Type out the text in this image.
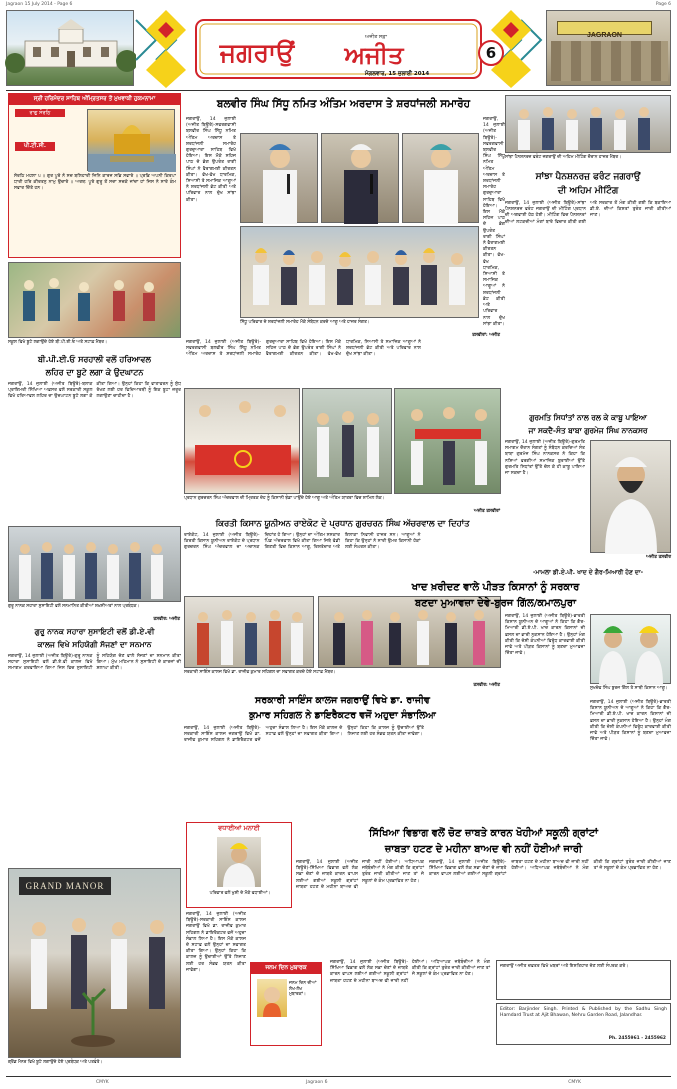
Jagraon 15 July 2014 - Page 6	Page 6
ਜਗਰਾਉਂ
ਅਜੀਤ ਸਫ਼ਾ
ਅਜੀਤ
ਮੰਗਲਵਾਰ, 15 ਜੁਲਾਈ 2014
6
JAGRAON
ਸ੍ਰੀ ਹਰਿਮੰਦਰ ਸਾਹਿਬ ਅੰਮ੍ਰਿਤਸਰ ਤੋਂ ਮੁਖਵਾਕੀ ਹੁਕਮਨਾਮਾ
ਰਾਗੁ ਸੋਰਠਿ
ਪੀ.ਟੀ.ਸੀ.
ਸੋਰਠਿ ਮਹਲਾ ੫ ॥ ਗੁਰ ਪੂਰੇ ਨੋ ਸਦ ਬਲਿਹਾਰੀ ਜਿਨਿ ਕਾਰਜ ਸਭਿ ਸਵਾਰੇ ॥ ਪ੍ਰਭਿ ਅਪਨੀ ਕਿਰਪਾ ਧਾਰੀ ਹਰਿ ਕੀਰਤਨੁ ਨਾਮੁ ਉਚਾਰੇ ॥ ਅਰਥ: ਪੂਰੇ ਗੁਰੂ ਤੋਂ ਸਦਾ ਸਦਕੇ ਜਾਂਦਾ ਹਾਂ ਜਿਸ ਨੇ ਸਾਰੇ ਕੰਮ ਸਵਾਰ ਦਿੱਤੇ ਹਨ।
ਸਕੂਲ ਵਿਖੇ ਬੂਟੇ ਲਗਾਉਂਦੇ ਹੋਏ ਬੀ.ਪੀ.ਈ.ਓ ਅਤੇ ਸਟਾਫ਼ ਮੈਂਬਰ।
ਬੀ.ਪੀ.ਈ.ਓ ਸਰਹਾਲੀ ਵਲੋਂ ਹਰਿਆਵਲ
ਲਹਿਰ ਦਾ ਬੂਟੇ ਲਗਾ ਕੇ ਉਦਘਾਟਨ
ਜਗਰਾਉਂ, 14 ਜੁਲਾਈ (ਅਜੀਤ ਬਿਊਰੋ)-ਬਲਾਕ ਪ੍ਰਾਇਮਰੀ ਸਿੱਖਿਆ ਅਫ਼ਸਰ ਵਲੋਂ ਸਰਕਾਰੀ ਸਕੂਲ ਵਿਖੇ ਹਰਿਆਵਲ ਲਹਿਰ ਦਾ ਉਦਘਾਟਨ ਬੂਟੇ ਲਗਾ ਕੇ ਕੀਤਾ ਗਿਆ। ਉਨ੍ਹਾਂ ਕਿਹਾ ਕਿ ਵਾਤਾਵਰਨ ਨੂੰ ਸ਼ੁੱਧ ਰੱਖਣ ਲਈ ਹਰ ਵਿਦਿਆਰਥੀ ਨੂੰ ਇਕ ਬੂਟਾ ਜ਼ਰੂਰ ਲਗਾਉਣਾ ਚਾਹੀਦਾ ਹੈ।
ਬਲਵੀਰ ਸਿੰਘ ਸਿੱਧੂ ਨਮਿਤ ਅੰਤਿਮ ਅਰਦਾਸ ਤੇ ਸ਼ਰਧਾਂਜਲੀ ਸਮਾਰੋਹ
ਜਗਰਾਉਂ, 14 ਜੁਲਾਈ (ਅਜੀਤ ਬਿਊਰੋ)-ਸਵਰਗਵਾਸੀ ਬਲਵੀਰ ਸਿੰਘ ਸਿੱਧੂ ਨਮਿਤ ਅੰਤਿਮ ਅਰਦਾਸ ਤੇ ਸ਼ਰਧਾਂਜਲੀ ਸਮਾਰੋਹ ਗੁਰਦੁਆਰਾ ਸਾਹਿਬ ਵਿਖੇ ਹੋਇਆ। ਇਸ ਮੌਕੇ ਸਹਿਜ ਪਾਠ ਦੇ ਭੋਗ ਉਪਰੰਤ ਰਾਗੀ ਸਿੰਘਾਂ ਨੇ ਵੈਰਾਗਮਈ ਕੀਰਤਨ ਕੀਤਾ। ਵੱਖ-ਵੱਖ ਧਾਰਮਿਕ, ਸਿਆਸੀ ਤੇ ਸਮਾਜਿਕ ਆਗੂਆਂ ਨੇ ਸ਼ਰਧਾਂਜਲੀ ਭੇਟ ਕੀਤੀ ਅਤੇ ਪਰਿਵਾਰ ਨਾਲ ਦੁੱਖ ਸਾਂਝਾ ਕੀਤਾ।
ਜਗਰਾਉਂ, 14 ਜੁਲਾਈ (ਅਜੀਤ ਬਿਊਰੋ)-ਸਵਰਗਵਾਸੀ ਬਲਵੀਰ ਸਿੰਘ ਸਿੱਧੂ ਨਮਿਤ ਅੰਤਿਮ ਅਰਦਾਸ ਤੇ ਸ਼ਰਧਾਂਜਲੀ ਸਮਾਰੋਹ ਗੁਰਦੁਆਰਾ ਸਾਹਿਬ ਵਿਖੇ ਹੋਇਆ। ਇਸ ਮੌਕੇ ਸਹਿਜ ਪਾਠ ਦੇ ਭੋਗ ਉਪਰੰਤ ਰਾਗੀ ਸਿੰਘਾਂ ਨੇ ਵੈਰਾਗਮਈ ਕੀਰਤਨ ਕੀਤਾ। ਵੱਖ-ਵੱਖ ਧਾਰਮਿਕ, ਸਿਆਸੀ ਤੇ ਸਮਾਜਿਕ ਆਗੂਆਂ ਨੇ ਸ਼ਰਧਾਂਜਲੀ ਭੇਟ ਕੀਤੀ ਅਤੇ ਪਰਿਵਾਰ ਨਾਲ ਦੁੱਖ ਸਾਂਝਾ ਕੀਤਾ।
ਸਿੱਧੂ ਪਰਿਵਾਰ ਦੇ ਸ਼ਰਧਾਂਜਲੀ ਸਮਾਰੋਹ ਮੌਕੇ ਸੰਬੋਧਨ ਕਰਦੇ ਆਗੂ ਅਤੇ ਹਾਜ਼ਰ ਸੰਗਤ।
ਤਸਵੀਰਾਂ: ਅਜੀਤ
ਜਗਰਾਉਂ, 14 ਜੁਲਾਈ (ਅਜੀਤ ਬਿਊਰੋ)-ਸਵਰਗਵਾਸੀ ਬਲਵੀਰ ਸਿੰਘ ਸਿੱਧੂ ਨਮਿਤ ਅੰਤਿਮ ਅਰਦਾਸ ਤੇ ਸ਼ਰਧਾਂਜਲੀ ਸਮਾਰੋਹ ਗੁਰਦੁਆਰਾ ਸਾਹਿਬ ਵਿਖੇ ਹੋਇਆ। ਇਸ ਮੌਕੇ ਸਹਿਜ ਪਾਠ ਦੇ ਭੋਗ ਉਪਰੰਤ ਰਾਗੀ ਸਿੰਘਾਂ ਨੇ ਵੈਰਾਗਮਈ ਕੀਰਤਨ ਕੀਤਾ। ਵੱਖ-ਵੱਖ ਧਾਰਮਿਕ, ਸਿਆਸੀ ਤੇ ਸਮਾਜਿਕ ਆਗੂਆਂ ਨੇ ਸ਼ਰਧਾਂਜਲੀ ਭੇਟ ਕੀਤੀ ਅਤੇ ਪਰਿਵਾਰ ਨਾਲ ਦੁੱਖ ਸਾਂਝਾ ਕੀਤਾ।
ਸਾਂਝਾ ਪੈਨਸ਼ਨਰਜ਼ ਫਰੰਟ ਜਗਰਾਉਂ ਦੀ ਅਹਿਮ ਮੀਟਿੰਗ ਦੌਰਾਨ ਹਾਜ਼ਰ ਮੈਂਬਰ।
ਸਾਂਝਾ ਪੈਨਸ਼ਨਰਜ਼ ਫਰੰਟ ਜਗਰਾਉਂ
ਦੀ ਅਹਿਮ ਮੀਟਿੰਗ
ਜਗਰਾਉਂ, 14 ਜੁਲਾਈ (ਅਜੀਤ ਬਿਊਰੋ)-ਸਾਂਝਾ ਪੈਨਸ਼ਨਰਜ਼ ਫਰੰਟ ਜਗਰਾਉਂ ਦੀ ਮੀਟਿੰਗ ਪ੍ਰਧਾਨ ਦੀ ਅਗਵਾਈ ਹੇਠ ਹੋਈ। ਮੀਟਿੰਗ ਵਿਚ ਪੈਨਸ਼ਨਰਾਂ ਦੀਆਂ ਲਟਕਦੀਆਂ ਮੰਗਾਂ ਬਾਰੇ ਵਿਚਾਰ ਕੀਤੀ ਗਈ ਅਤੇ ਸਰਕਾਰ ਤੋਂ ਮੰਗ ਕੀਤੀ ਗਈ ਕਿ ਬਕਾਇਆ ਡੀ.ਏ. ਦੀਆਂ ਕਿਸ਼ਤਾਂ ਤੁਰੰਤ ਜਾਰੀ ਕੀਤੀਆਂ ਜਾਣ।
ਪ੍ਰਧਾਨ ਗੁਰਚਰਨ ਸਿੰਘ ਅੱਚਰਵਾਲ ਦੀ ਮ੍ਰਿਤਕ ਦੇਹ ਨੂੰ ਕਿਸਾਨੀ ਝੰਡਾ ਪਾਉਂਦੇ ਹੋਏ ਆਗੂ ਅਤੇ ਅੰਤਿਮ ਯਾਤਰਾ ਵਿਚ ਸ਼ਾਮਿਲ ਲੋਕ।
ਅਜੀਤ ਤਸਵੀਰਾਂ
ਗੁਰਮਤਿ ਸਿਧਾਂਤਾਂ ਨਾਲ ਰਲ ਕੇ ਕਾਬੂ ਪਾਇਆ
ਜਾ ਸਕਦੈ-ਸੰਤ ਬਾਬਾ ਗੁਰਮੇਜ ਸਿੰਘ ਨਾਨਕਸਰ
ਜਗਰਾਉਂ, 14 ਜੁਲਾਈ (ਅਜੀਤ ਬਿਊਰੋ)-ਗੁਰਮਤਿ ਸਮਾਗਮ ਦੌਰਾਨ ਸੰਗਤਾਂ ਨੂੰ ਸੰਬੋਧਨ ਕਰਦਿਆਂ ਸੰਤ ਬਾਬਾ ਗੁਰਮੇਜ ਸਿੰਘ ਨਾਨਕਸਰ ਨੇ ਕਿਹਾ ਕਿ ਨਸ਼ਿਆਂ ਵਰਗੀਆਂ ਸਮਾਜਿਕ ਬੁਰਾਈਆਂ ਉੱਤੇ ਗੁਰਮਤਿ ਸਿਧਾਂਤਾਂ ਉੱਤੇ ਚੱਲ ਕੇ ਹੀ ਕਾਬੂ ਪਾਇਆ ਜਾ ਸਕਦਾ ਹੈ।
ਅਜੀਤ ਤਸਵੀਰ
ਗੁਰੂ ਨਾਨਕ ਸਹਾਰਾ ਸੁਸਾਇਟੀ ਵਲੋਂ ਸਨਮਾਨਿਤ ਕੀਤੀਆਂ ਸ਼ਖ਼ਸੀਅਤਾਂ ਨਾਲ ਪ੍ਰਬੰਧਕ।
ਤਸਵੀਰ: ਅਜੀਤ
ਗੁਰੂ ਨਾਨਕ ਸਹਾਰਾ ਸੁਸਾਇਟੀ ਵਲੋਂ ਡੀ.ਏ.ਵੀ
ਕਾਲਜ ਵਿਖੇ ਸਹਿਯੋਗੀ ਸੱਜਣਾਂ ਦਾ ਸਨਮਾਨ
ਜਗਰਾਉਂ, 14 ਜੁਲਾਈ (ਅਜੀਤ ਬਿਊਰੋ)-ਗੁਰੂ ਨਾਨਕ ਸਹਾਰਾ ਸੁਸਾਇਟੀ ਵਲੋਂ ਡੀ.ਏ.ਵੀ ਕਾਲਜ ਵਿਖੇ ਸਮਾਗਮ ਕਰਵਾਇਆ ਗਿਆ ਜਿਸ ਵਿਚ ਸੁਸਾਇਟੀ ਨੂੰ ਸਹਿਯੋਗ ਦੇਣ ਵਾਲੇ ਸੱਜਣਾਂ ਦਾ ਸਨਮਾਨ ਕੀਤਾ ਗਿਆ। ਮੁੱਖ ਮਹਿਮਾਨ ਨੇ ਸੁਸਾਇਟੀ ਦੇ ਕਾਰਜਾਂ ਦੀ ਸ਼ਲਾਘਾ ਕੀਤੀ।
ਕਿਰਤੀ ਕਿਸਾਨ ਯੂਨੀਅਨ ਰਾਏਕੋਟ ਦੇ ਪ੍ਰਧਾਨ ਗੁਰਚਰਨ ਸਿੰਘ ਅੱਚਰਵਾਲ ਦਾ ਦਿਹਾਂਤ
ਰਾਏਕੋਟ, 14 ਜੁਲਾਈ (ਅਜੀਤ ਬਿਊਰੋ)-ਕਿਰਤੀ ਕਿਸਾਨ ਯੂਨੀਅਨ ਰਾਏਕੋਟ ਦੇ ਪ੍ਰਧਾਨ ਗੁਰਚਰਨ ਸਿੰਘ ਅੱਚਰਵਾਲ ਦਾ ਅਚਾਨਕ ਦਿਹਾਂਤ ਹੋ ਗਿਆ। ਉਨ੍ਹਾਂ ਦਾ ਅੰਤਿਮ ਸਸਕਾਰ ਪਿੰਡ ਅੱਚਰਵਾਲ ਵਿਖੇ ਕੀਤਾ ਗਿਆ ਜਿਥੇ ਵੱਡੀ ਗਿਣਤੀ ਵਿਚ ਕਿਸਾਨ ਆਗੂ, ਰਿਸ਼ਤੇਦਾਰ ਅਤੇ ਇਲਾਕਾ ਨਿਵਾਸੀ ਹਾਜ਼ਰ ਸਨ। ਆਗੂਆਂ ਨੇ ਕਿਹਾ ਕਿ ਉਨ੍ਹਾਂ ਨੇ ਸਾਰੀ ਉਮਰ ਕਿਸਾਨੀ ਹੱਕਾਂ ਲਈ ਸੰਘਰਸ਼ ਕੀਤਾ।
ਸਰਕਾਰੀ ਸਾਇੰਸ ਕਾਲਜ ਵਿਖੇ ਡਾ. ਰਾਜੀਵ ਕੁਮਾਰ ਸਹਿਗਲ ਦਾ ਸਵਾਗਤ ਕਰਦੇ ਹੋਏ ਸਟਾਫ਼ ਮੈਂਬਰ।
ਤਸਵੀਰ: ਅਜੀਤ
-ਮਾਮਲਾ ਡੀ.ਏ.ਪੀ. ਖਾਦ ਦੇ ਗੈਰ-ਮਿਆਰੀ ਹੋਣ ਦਾ-
ਖਾਦ ਖ਼ਰੀਦਣ ਵਾਲੇ ਪੀੜਤ ਕਿਸਾਨਾਂ ਨੂੰ ਸਰਕਾਰ
ਬਣਦਾ ਮੁਆਵਜ਼ਾ ਦੇਵੇ-ਬੁਰਜ ਗਿੱਲ/ਕਮਾਲਪੁਰਾ
ਜਗਰਾਉਂ, 14 ਜੁਲਾਈ (ਅਜੀਤ ਬਿਊਰੋ)-ਭਾਰਤੀ ਕਿਸਾਨ ਯੂਨੀਅਨ ਦੇ ਆਗੂਆਂ ਨੇ ਕਿਹਾ ਕਿ ਗੈਰ-ਮਿਆਰੀ ਡੀ.ਏ.ਪੀ. ਖਾਦ ਕਾਰਨ ਕਿਸਾਨਾਂ ਦੀ ਫ਼ਸਲ ਦਾ ਭਾਰੀ ਨੁਕਸਾਨ ਹੋਇਆ ਹੈ। ਉਨ੍ਹਾਂ ਮੰਗ ਕੀਤੀ ਕਿ ਦੋਸ਼ੀ ਕੰਪਨੀਆਂ ਵਿਰੁੱਧ ਕਾਰਵਾਈ ਕੀਤੀ ਜਾਵੇ ਅਤੇ ਪੀੜਤ ਕਿਸਾਨਾਂ ਨੂੰ ਬਣਦਾ ਮੁਆਵਜ਼ਾ ਦਿੱਤਾ ਜਾਵੇ।
ਸੁਖਦੇਵ ਸਿੰਘ ਬੁਰਜ ਗਿੱਲ ਤੇ ਸਾਥੀ ਕਿਸਾਨ ਆਗੂ।
ਜਗਰਾਉਂ, 14 ਜੁਲਾਈ (ਅਜੀਤ ਬਿਊਰੋ)-ਭਾਰਤੀ ਕਿਸਾਨ ਯੂਨੀਅਨ ਦੇ ਆਗੂਆਂ ਨੇ ਕਿਹਾ ਕਿ ਗੈਰ-ਮਿਆਰੀ ਡੀ.ਏ.ਪੀ. ਖਾਦ ਕਾਰਨ ਕਿਸਾਨਾਂ ਦੀ ਫ਼ਸਲ ਦਾ ਭਾਰੀ ਨੁਕਸਾਨ ਹੋਇਆ ਹੈ। ਉਨ੍ਹਾਂ ਮੰਗ ਕੀਤੀ ਕਿ ਦੋਸ਼ੀ ਕੰਪਨੀਆਂ ਵਿਰੁੱਧ ਕਾਰਵਾਈ ਕੀਤੀ ਜਾਵੇ ਅਤੇ ਪੀੜਤ ਕਿਸਾਨਾਂ ਨੂੰ ਬਣਦਾ ਮੁਆਵਜ਼ਾ ਦਿੱਤਾ ਜਾਵੇ।
ਸਰਕਾਰੀ ਸਾਇੰਸ ਕਾਲਜ ਜਗਰਾਉਂ ਵਿਖੇ ਡਾ. ਰਾਜੀਵ
ਕੁਮਾਰ ਸਹਿਗਲ ਨੇ ਡਾਇਰੈਕਟਰ ਵਜੋਂ ਅਹੁਦਾ ਸੰਭਾਲਿਆ
ਜਗਰਾਉਂ, 14 ਜੁਲਾਈ (ਅਜੀਤ ਬਿਊਰੋ)-ਸਰਕਾਰੀ ਸਾਇੰਸ ਕਾਲਜ ਜਗਰਾਉਂ ਵਿਖੇ ਡਾ. ਰਾਜੀਵ ਕੁਮਾਰ ਸਹਿਗਲ ਨੇ ਡਾਇਰੈਕਟਰ ਵਜੋਂ ਅਹੁਦਾ ਸੰਭਾਲ ਲਿਆ ਹੈ। ਇਸ ਮੌਕੇ ਕਾਲਜ ਦੇ ਸਟਾਫ਼ ਵਲੋਂ ਉਨ੍ਹਾਂ ਦਾ ਸਵਾਗਤ ਕੀਤਾ ਗਿਆ। ਉਨ੍ਹਾਂ ਕਿਹਾ ਕਿ ਕਾਲਜ ਨੂੰ ਉਚਾਈਆਂ ਉੱਤੇ ਲਿਜਾਣ ਲਈ ਹਰ ਸੰਭਵ ਯਤਨ ਕੀਤਾ ਜਾਵੇਗਾ।
ਸਿੱਖਿਆ ਵਿਭਾਗ ਵਲੋਂ ਚੋਣ ਜ਼ਾਬਤੇ ਕਾਰਨ ਖੋਹੀਆਂ ਸਕੂਲੀ ਗ੍ਰਾਂਟਾਂ
ਜ਼ਾਬਤਾ ਹਟਣ ਦੇ ਮਹੀਨਾ ਬਾਅਦ ਵੀ ਨਹੀਂ ਹੋਈਆਂ ਜਾਰੀ
ਜਗਰਾਉਂ, 14 ਜੁਲਾਈ (ਅਜੀਤ ਬਿਊਰੋ)-ਸਿੱਖਿਆ ਵਿਭਾਗ ਵਲੋਂ ਲੋਕ ਸਭਾ ਚੋਣਾਂ ਦੇ ਜ਼ਾਬਤੇ ਕਾਰਨ ਵਾਪਸ ਲਈਆਂ ਗਈਆਂ ਸਕੂਲੀ ਗ੍ਰਾਂਟਾਂ ਜ਼ਾਬਤਾ ਹਟਣ ਦੇ ਮਹੀਨਾ ਬਾਅਦ ਵੀ ਜਾਰੀ ਨਹੀਂ ਹੋਈਆਂ। ਅਧਿਆਪਕ ਜਥੇਬੰਦੀਆਂ ਨੇ ਮੰਗ ਕੀਤੀ ਕਿ ਗ੍ਰਾਂਟਾਂ ਤੁਰੰਤ ਜਾਰੀ ਕੀਤੀਆਂ ਜਾਣ ਤਾਂ ਜੋ ਸਕੂਲਾਂ ਦੇ ਕੰਮ ਪ੍ਰਭਾਵਿਤ ਨਾ ਹੋਣ।
GRAND MANOR
ਗ੍ਰੈਂਡ ਮੈਨਰ ਵਿਖੇ ਬੂਟੇ ਲਗਾਉਂਦੇ ਹੋਏ ਪ੍ਰਬੰਧਕ ਅਤੇ ਪਤਵੰਤੇ।
ਵਧਾਈਆਂ ਮਨਾਈ
ਪਰਿਵਾਰ ਵਲੋਂ ਖੁਸ਼ੀ ਦੇ ਮੌਕੇ ਵਧਾਈਆਂ।
ਜਨਮ ਦਿਨ ਮੁਬਾਰਕ
ਜਨਮ ਦਿਨ ਦੀਆਂ ਲੱਖ-ਲੱਖ ਮੁਬਾਰਕਾਂ।
ਜਗਰਾਉਂ, 14 ਜੁਲਾਈ (ਅਜੀਤ ਬਿਊਰੋ)-ਸਿੱਖਿਆ ਵਿਭਾਗ ਵਲੋਂ ਲੋਕ ਸਭਾ ਚੋਣਾਂ ਦੇ ਜ਼ਾਬਤੇ ਕਾਰਨ ਵਾਪਸ ਲਈਆਂ ਗਈਆਂ ਸਕੂਲੀ ਗ੍ਰਾਂਟਾਂ ਜ਼ਾਬਤਾ ਹਟਣ ਦੇ ਮਹੀਨਾ ਬਾਅਦ ਵੀ ਜਾਰੀ ਨਹੀਂ ਹੋਈਆਂ। ਅਧਿਆਪਕ ਜਥੇਬੰਦੀਆਂ ਨੇ ਮੰਗ ਕੀਤੀ ਕਿ ਗ੍ਰਾਂਟਾਂ ਤੁਰੰਤ ਜਾਰੀ ਕੀਤੀਆਂ ਜਾਣ ਤਾਂ ਜੋ ਸਕੂਲਾਂ ਦੇ ਕੰਮ ਪ੍ਰਭਾਵਿਤ ਨਾ ਹੋਣ।
ਜਗਰਾਉਂ, 14 ਜੁਲਾਈ (ਅਜੀਤ ਬਿਊਰੋ)-ਸਰਕਾਰੀ ਸਾਇੰਸ ਕਾਲਜ ਜਗਰਾਉਂ ਵਿਖੇ ਡਾ. ਰਾਜੀਵ ਕੁਮਾਰ ਸਹਿਗਲ ਨੇ ਡਾਇਰੈਕਟਰ ਵਜੋਂ ਅਹੁਦਾ ਸੰਭਾਲ ਲਿਆ ਹੈ। ਇਸ ਮੌਕੇ ਕਾਲਜ ਦੇ ਸਟਾਫ਼ ਵਲੋਂ ਉਨ੍ਹਾਂ ਦਾ ਸਵਾਗਤ ਕੀਤਾ ਗਿਆ। ਉਨ੍ਹਾਂ ਕਿਹਾ ਕਿ ਕਾਲਜ ਨੂੰ ਉਚਾਈਆਂ ਉੱਤੇ ਲਿਜਾਣ ਲਈ ਹਰ ਸੰਭਵ ਯਤਨ ਕੀਤਾ ਜਾਵੇਗਾ।
ਜਗਰਾਉਂ, 14 ਜੁਲਾਈ (ਅਜੀਤ ਬਿਊਰੋ)-ਸਿੱਖਿਆ ਵਿਭਾਗ ਵਲੋਂ ਲੋਕ ਸਭਾ ਚੋਣਾਂ ਦੇ ਜ਼ਾਬਤੇ ਕਾਰਨ ਵਾਪਸ ਲਈਆਂ ਗਈਆਂ ਸਕੂਲੀ ਗ੍ਰਾਂਟਾਂ ਜ਼ਾਬਤਾ ਹਟਣ ਦੇ ਮਹੀਨਾ ਬਾਅਦ ਵੀ ਜਾਰੀ ਨਹੀਂ ਹੋਈਆਂ। ਅਧਿਆਪਕ ਜਥੇਬੰਦੀਆਂ ਨੇ ਮੰਗ ਕੀਤੀ ਕਿ ਗ੍ਰਾਂਟਾਂ ਤੁਰੰਤ ਜਾਰੀ ਕੀਤੀਆਂ ਜਾਣ ਤਾਂ ਜੋ ਸਕੂਲਾਂ ਦੇ ਕੰਮ ਪ੍ਰਭਾਵਿਤ ਨਾ ਹੋਣ।
ਜਗਰਾਉਂ ਅਜੀਤ ਦਫ਼ਤਰ ਵਿਖੇ ਖ਼ਬਰਾਂ ਅਤੇ ਇਸ਼ਤਿਹਾਰ ਦੇਣ ਲਈ ਸੰਪਰਕ ਕਰੋ।
Editor: Barjinder Singh. Printed & Published by the Sadhu Singh Hamdard Trust at Ajit Bhawan, Nehru Garden Road, Jalandhar.
Ph. 2455961 - 2455962
CMYK	Jagraon 6	CMYK
